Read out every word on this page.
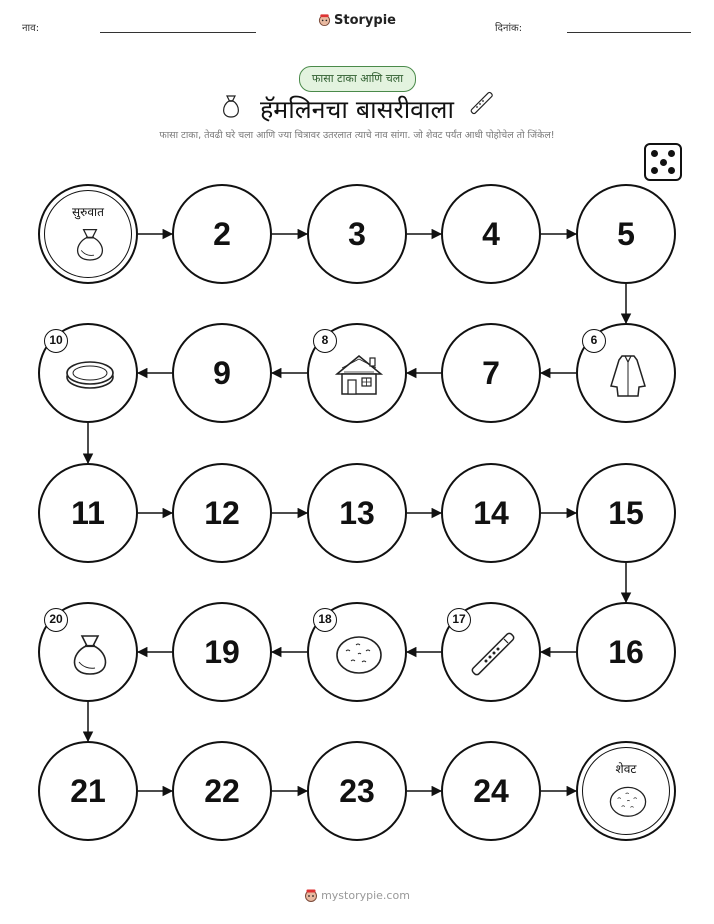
नाव:
Storypie
दिनांक:
फासा टाका आणि चला
हॅमलिनचा बासरीवाला
फासा टाका, तेवढी घरे चला आणि ज्या चित्रावर उतरलात त्याचे नाव सांगा. जो शेवट पर्यंत आधी पोहोचेल तो जिंकेल!
सुरुवात
2	3	4	5
6
7
8
9
10
11	12	13	14	15
16
17
18
19
20
21	22	23	24
शेवट
mystorypie.com
